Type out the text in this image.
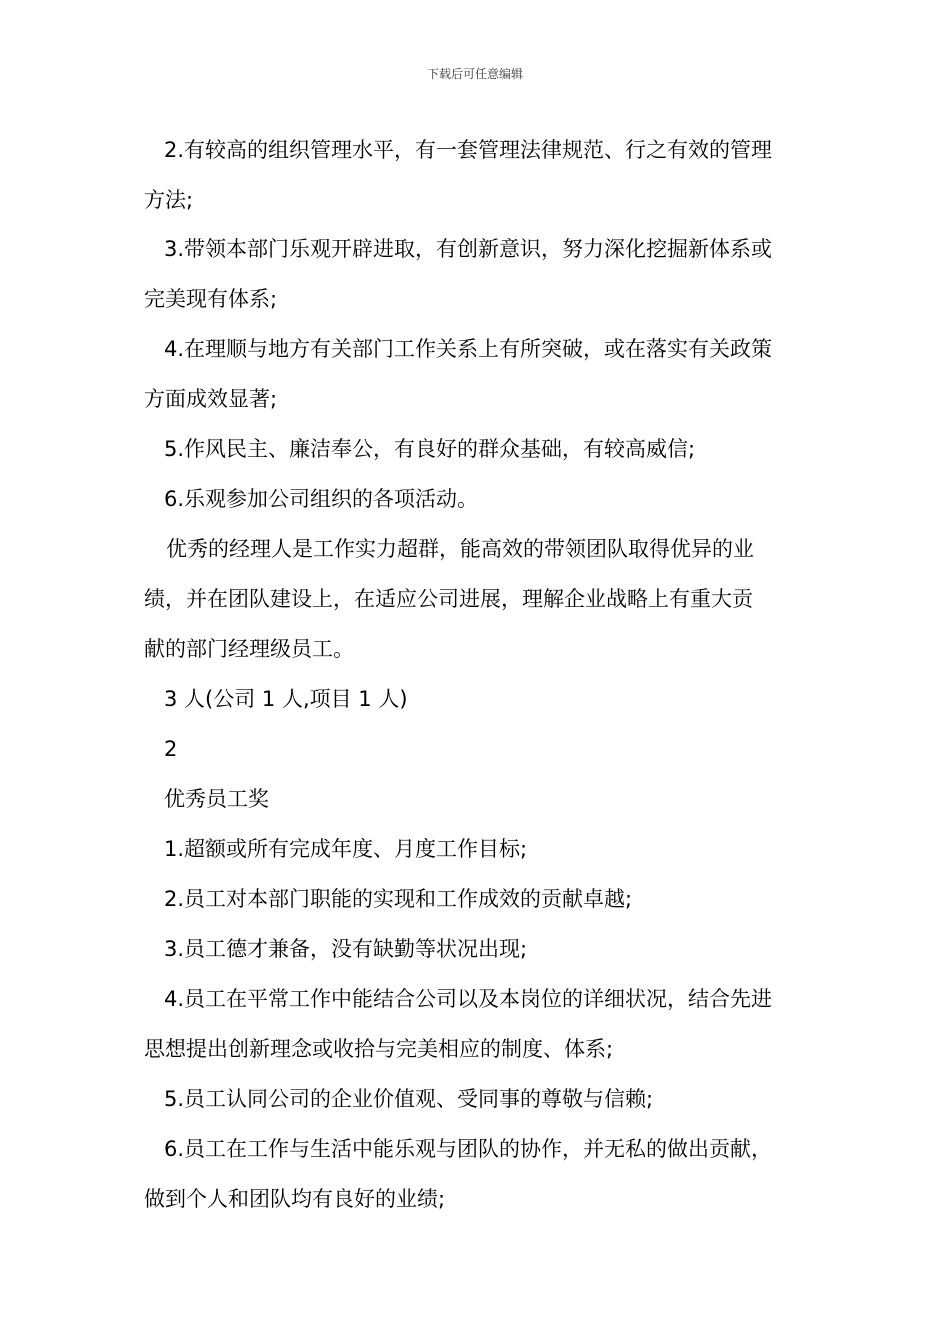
下载后可任意编辑
2.有较高的组织管理水平，有一套管理法律规范、行之有效的管理
方法;
3.带领本部门乐观开辟进取，有创新意识，努力深化挖掘新体系或
完美现有体系;
4.在理顺与地方有关部门工作关系上有所突破，或在落实有关政策
方面成效显著;
5.作风民主、廉洁奉公，有良好的群众基础，有较高威信;
6.乐观参加公司组织的各项活动。
优秀的经理人是工作实力超群，能高效的带领团队取得优异的业
绩，并在团队建设上，在适应公司进展，理解企业战略上有重大贡
献的部门经理级员工。
3 人(公司 1 人,项目 1 人)
2
优秀员工奖
1.超额或所有完成年度、月度工作目标;
2.员工对本部门职能的实现和工作成效的贡献卓越;
3.员工德才兼备，没有缺勤等状况出现;
4.员工在平常工作中能结合公司以及本岗位的详细状况，结合先进
思想提出创新理念或收拾与完美相应的制度、体系;
5.员工认同公司的企业价值观、受同事的尊敬与信赖;
6.员工在工作与生活中能乐观与团队的协作，并无私的做出贡献，
做到个人和团队均有良好的业绩;
